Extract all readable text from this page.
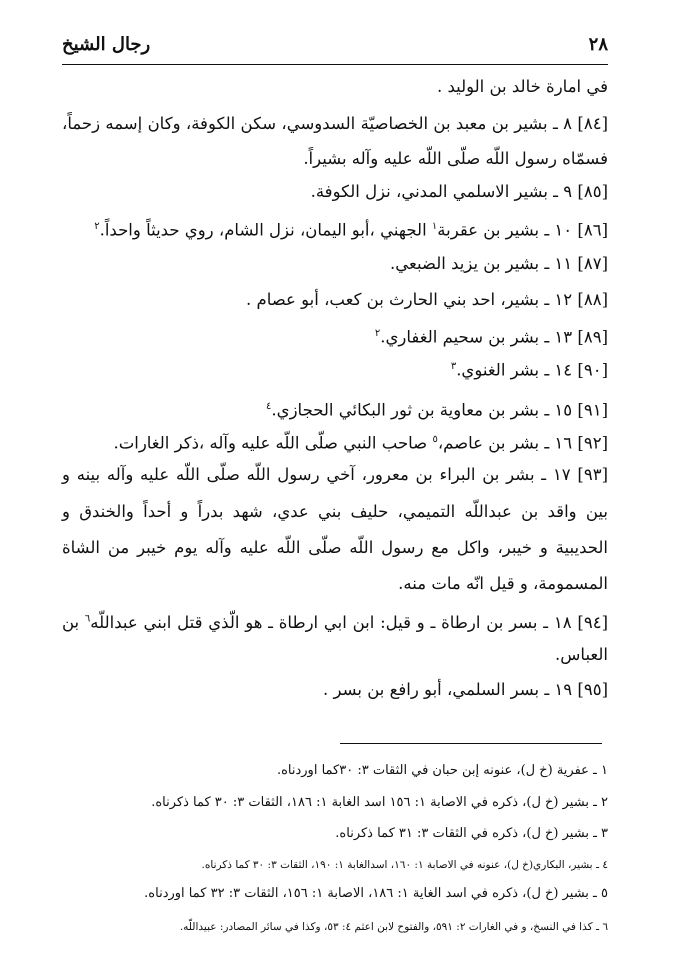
٢٨
رجال الشيخ
في امارة خالد بن الوليد .
[٨٤] ٨ ـ بشير بن معبد بن الخصاصيّة السدوسي، سكن الكوفة، وكان إسمه زحماً،
فسمّاه رسول اللّه صلّى اللّه عليه وآله بشيراً.
[٨٥] ٩ ـ بشير الاسلمي المدني، نزل الكوفة.
[٨٦] ١٠ ـ بشير بن عقربة$^١$ الجهني ،أبو اليمان، نزل الشام، روي حديثاً واحداً.$^٢$
[٨٧] ١١ ـ بشير بن يزيد الضبعي.
[٨٨] ١٢ ـ بشير، احد بني الحارث بن كعب، أبو عصام .
[٨٩] ١٣ ـ بشر بن سحيم الغفاري.$^٢$
[٩٠] ١٤ ـ بشر الغنوي.$^٣$
[٩١] ١٥ ـ بشر بن معاوية بن ثور البكائي الحجازي.$^٤$
[٩٢] ١٦ ـ بشر بن عاصم،$^٥$ صاحب النبي صلّى اللّه عليه وآله ،ذكر الغارات.
[٩٣] ١٧ ـ بشر بن البراء بن معرور، آخي رسول اللّه صلّى اللّه عليه وآله بينه و
بين واقد بن عبداللّه التميمي، حليف بني عدي، شهد بدراً و أحداً والخندق و
الحديبية و خيبر، واكل مع رسول اللّه صلّى اللّه عليه وآله يوم خيبر من الشاة
المسمومة، و قيل انّه مات منه.
[٩٤] ١٨ ـ بسر بن ارطاة ـ و قيل: ابن ابي ارطاة ـ هو الّذي قتل ابني عبداللّه$^٦$ بن
العباس.
[٩٥] ١٩ ـ بسر السلمي، أبو رافع بن بسر .
١ ـ عفرية (خ ل)، عنونه إبن حبان في الثقات ٣: ٣٠كما اوردناه.
٢ ـ بشير (خ ل)، ذكره في الاصابة ١: ١٥٦ اسد الغابة ١: ١٨٦، الثقات ٣: ٣٠ كما ذكرناه.
٣ ـ بشير (خ ل)، ذكره في الثقات ٣: ٣١ كما ذكرناه.
٤ ـ بشير، البكاري(خ ل)، عنونه في الاصابة ١: ١٦٠، اسدالغابة ١: ١٩٠، الثقات ٣: ٣٠ كما ذكرناه.
٥ ـ بشير (خ ل)، ذكره في اسد الغاية ١: ١٨٦، الاصابة ١: ١٥٦، الثقات ٣: ٣٢ كما اوردناه.
٦ ـ كذا في النسخ، و في الغارات ٢: ٥٩١، والفتوح لابن اعثم ٤: ٥٣، وكذا في سائر المصادر: عبيداللّه.
